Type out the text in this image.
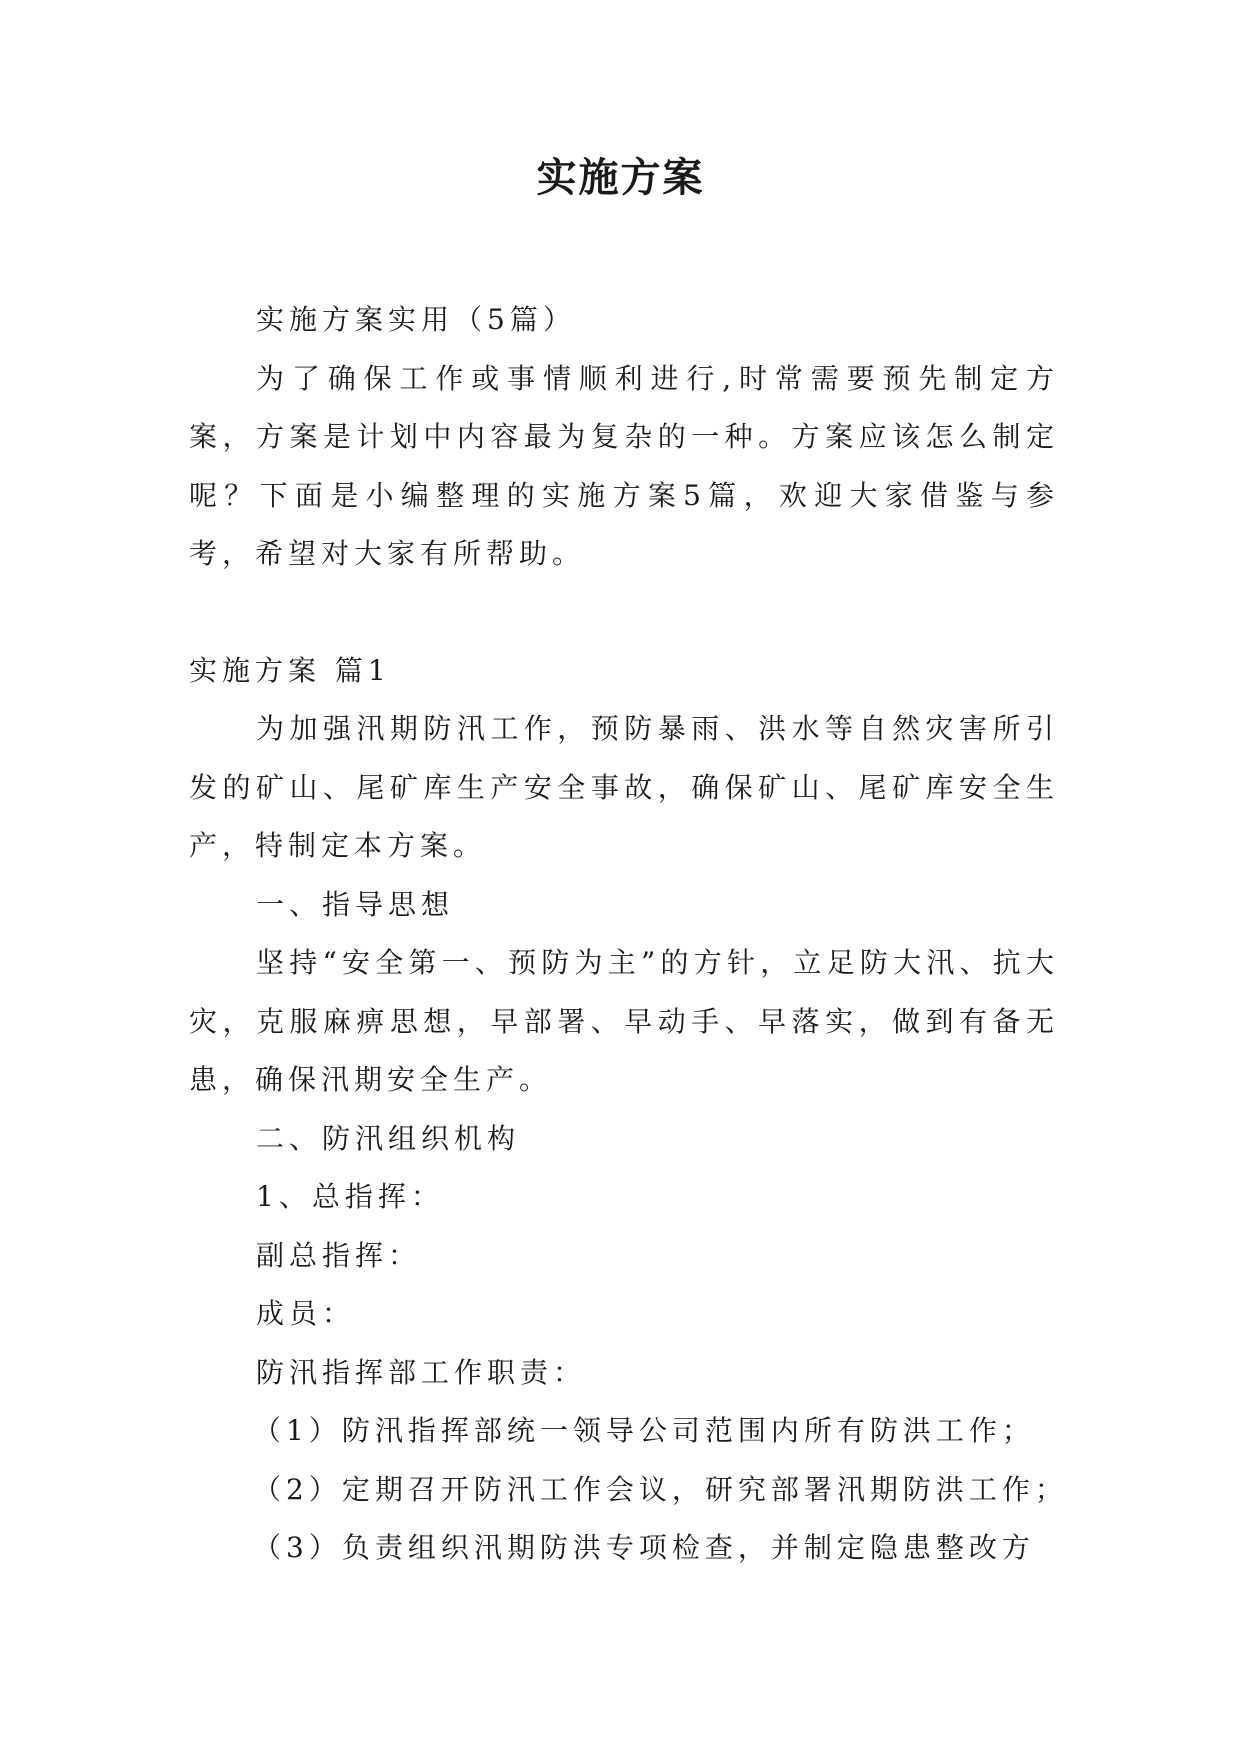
实施方案

实施方案实用（5篇）

为了确保工作或事情顺利进行,时常需要预先制定方案，方案是计划中内容最为复杂的一种。方案应该怎么制定呢？下面是小编整理的实施方案5篇，欢迎大家借鉴与参考，希望对大家有所帮助。

实施方案 篇1

为加强汛期防汛工作，预防暴雨、洪水等自然灾害所引发的矿山、尾矿库生产安全事故，确保矿山、尾矿库安全生产，特制定本方案。

一、指导思想

坚持“安全第一、预防为主”的方针，立足防大汛、抗大灾，克服麻痹思想，早部署、早动手、早落实，做到有备无患，确保汛期安全生产。

二、防汛组织机构

1、总指挥：

副总指挥：

成员：

防汛指挥部工作职责：

（1）防汛指挥部统一领导公司范围内所有防洪工作；

（2）定期召开防汛工作会议，研究部署汛期防洪工作；

（3）负责组织汛期防洪专项检查，并制定隐患整改方
